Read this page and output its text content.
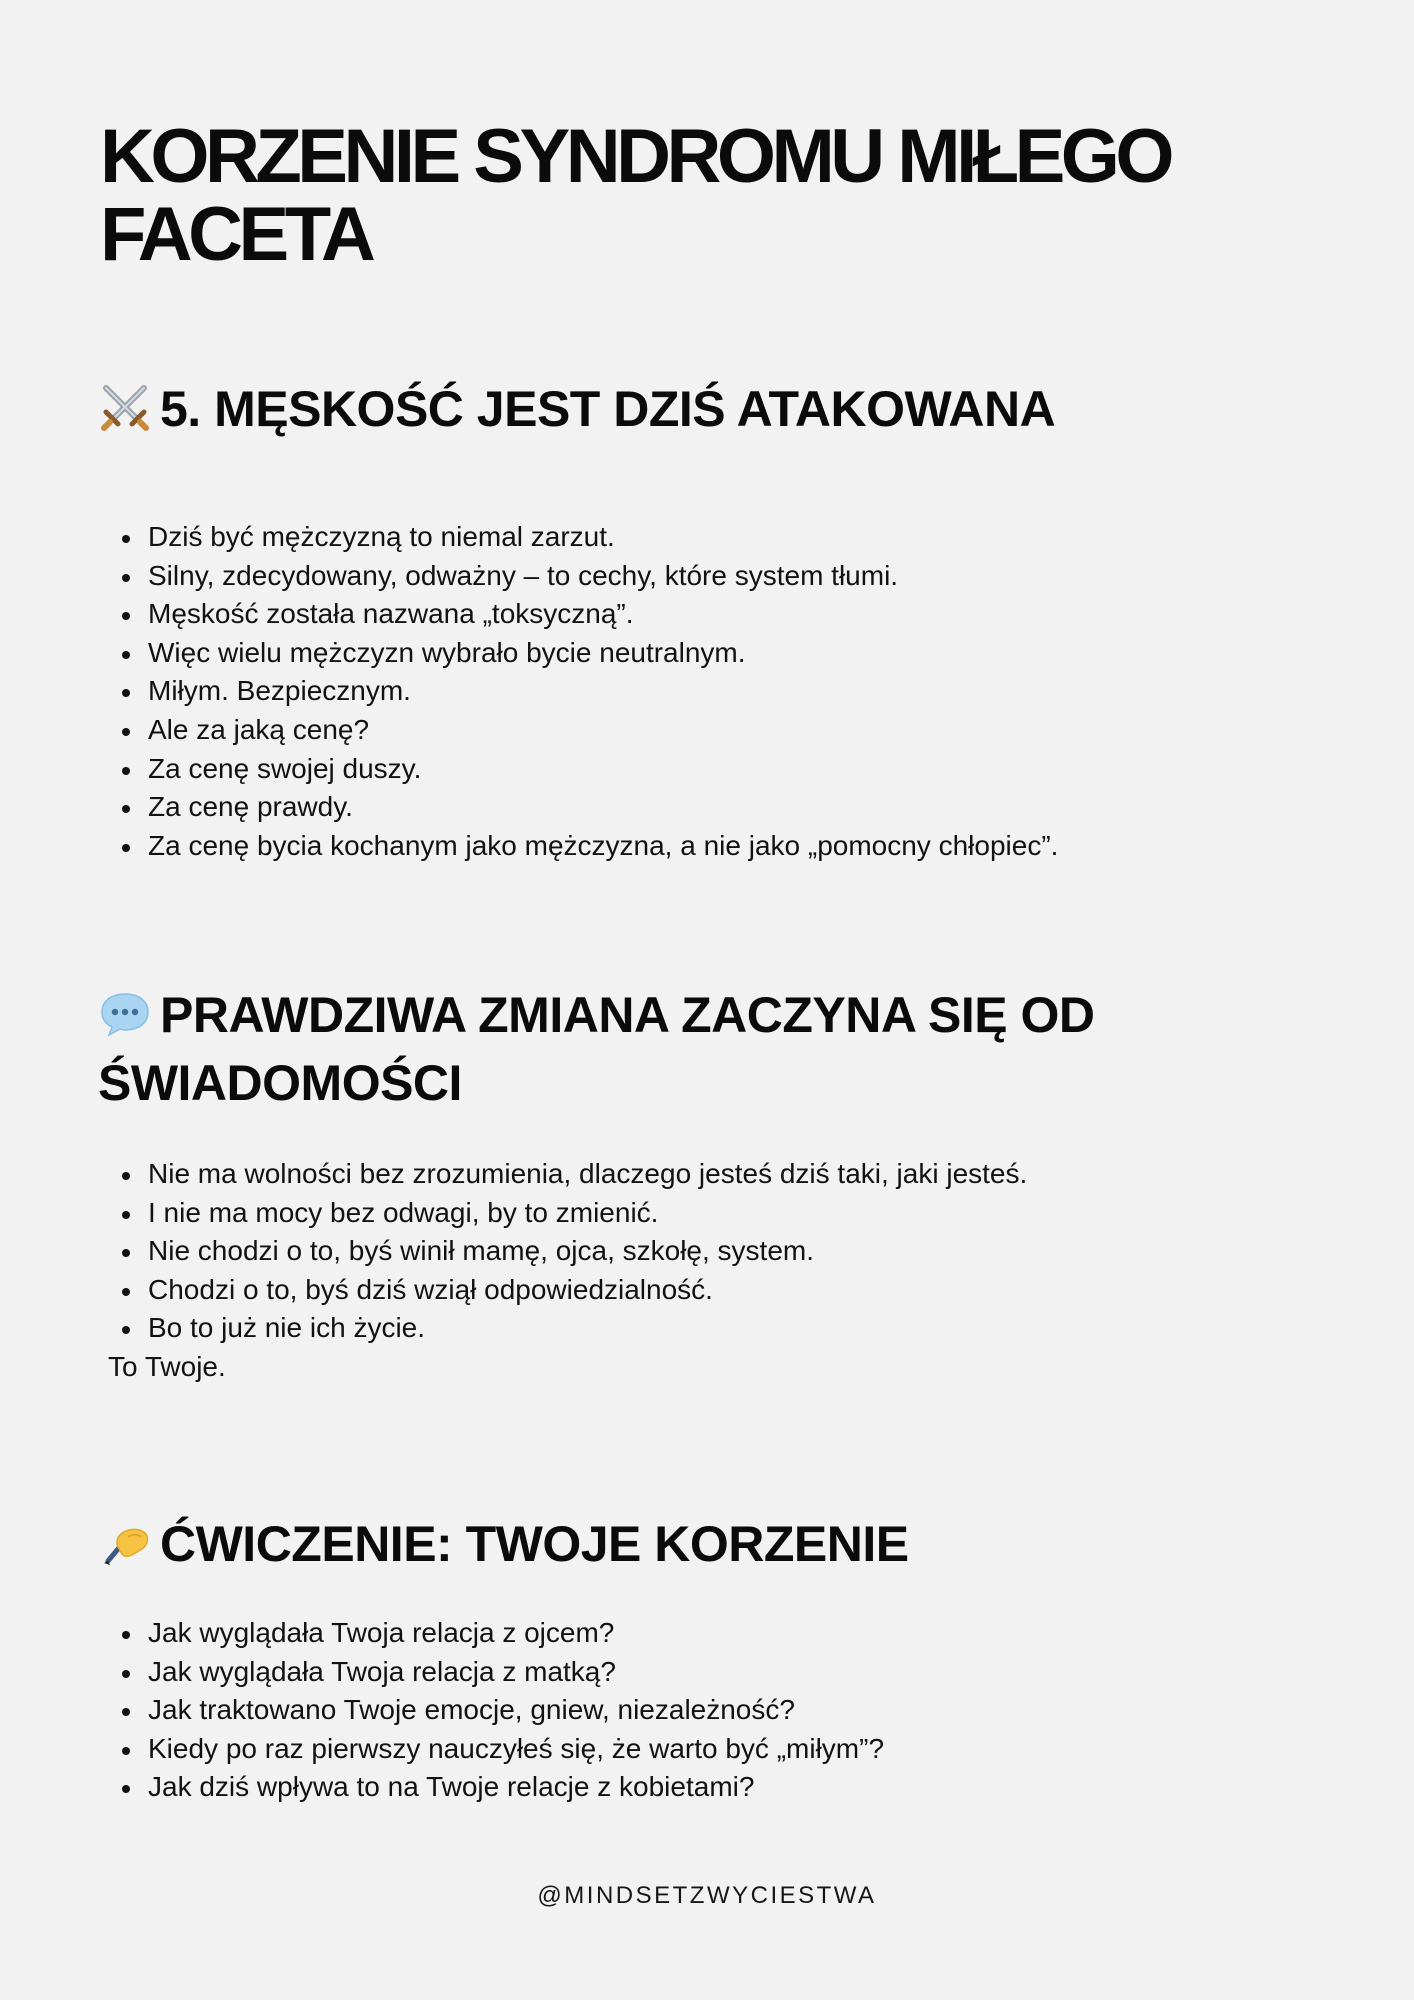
KORZENIE SYNDROMU MIŁEGO FACETA
5. MĘSKOŚĆ JEST DZIŚ ATAKOWANA
Dziś być mężczyzną to niemal zarzut.
Silny, zdecydowany, odważny – to cechy, które system tłumi.
Męskość została nazwana „toksyczną”.
Więc wielu mężczyzn wybrało bycie neutralnym.
Miłym. Bezpiecznym.
Ale za jaką cenę?
Za cenę swojej duszy.
Za cenę prawdy.
Za cenę bycia kochanym jako mężczyzna, a nie jako „pomocny chłopiec”.
PRAWDZIWA ZMIANA ZACZYNA SIĘ OD ŚWIADOMOŚCI
Nie ma wolności bez zrozumienia, dlaczego jesteś dziś taki, jaki jesteś.
I nie ma mocy bez odwagi, by to zmienić.
Nie chodzi o to, byś winił mamę, ojca, szkołę, system.
Chodzi o to, byś dziś wziął odpowiedzialność.
Bo to już nie ich życie.
To Twoje.
ĆWICZENIE: TWOJE KORZENIE
Jak wyglądała Twoja relacja z ojcem?
Jak wyglądała Twoja relacja z matką?
Jak traktowano Twoje emocje, gniew, niezależność?
Kiedy po raz pierwszy nauczyłeś się, że warto być „miłym”?
Jak dziś wpływa to na Twoje relacje z kobietami?
@MINDSETZWYCIESTWA
